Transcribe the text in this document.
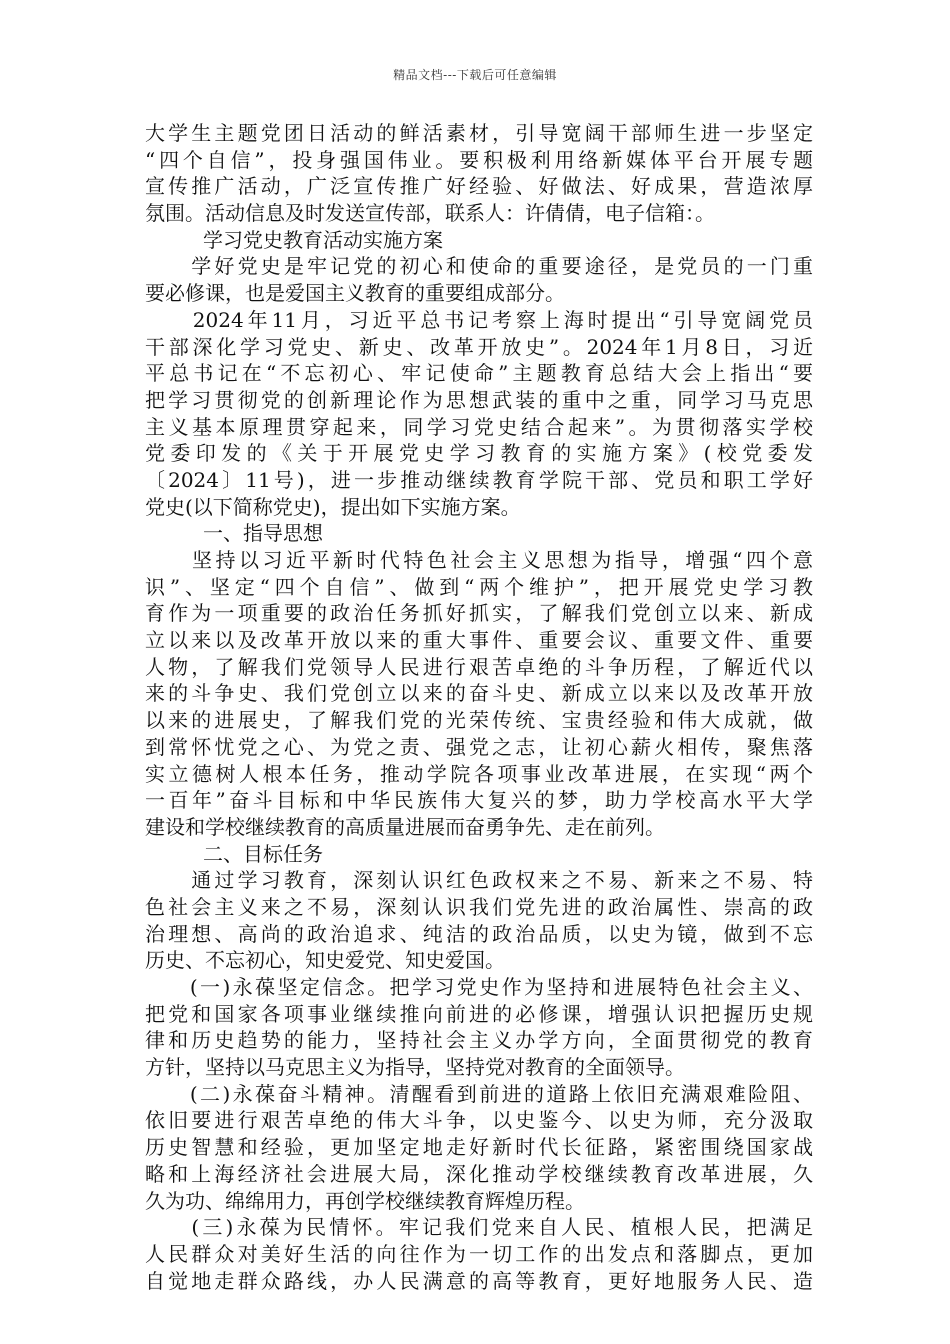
精品文档---下载后可任意编辑
大学生主题党团日活动的鲜活素材，引导宽阔干部师生进一步坚定
“四个自信”，投身强国伟业。要积极利用络新媒体平台开展专题
宣传推广活动，广泛宣传推广好经验、好做法、好成果，营造浓厚
氛围。活动信息及时发送宣传部，联系人：许倩倩，电子信箱：。
学习党史教育活动实施方案
　　学好党史是牢记党的初心和使命的重要途径，是党员的一门重
要必修课，也是爱国主义教育的重要组成部分。
　　2024年11月，习近平总书记考察上海时提出“引导宽阔党员
干部深化学习党史、新史、改革开放史”。2024年1月8日，习近
平总书记在“不忘初心、牢记使命”主题教育总结大会上指出“要
把学习贯彻党的创新理论作为思想武装的重中之重，同学习马克思
主义基本原理贯穿起来，同学习党史结合起来”。为贯彻落实学校
党委印发的《关于开展党史学习教育的实施方案》(校党委发
〔2024〕11号)，进一步推动继续教育学院干部、党员和职工学好
党史(以下简称党史)，提出如下实施方案。
一、指导思想
　　坚持以习近平新时代特色社会主义思想为指导，增强“四个意
识”、坚定“四个自信”、做到“两个维护”，把开展党史学习教
育作为一项重要的政治任务抓好抓实，了解我们党创立以来、新成
立以来以及改革开放以来的重大事件、重要会议、重要文件、重要
人物，了解我们党领导人民进行艰苦卓绝的斗争历程，了解近代以
来的斗争史、我们党创立以来的奋斗史、新成立以来以及改革开放
以来的进展史，了解我们党的光荣传统、宝贵经验和伟大成就，做
到常怀忧党之心、为党之责、强党之志，让初心薪火相传，聚焦落
实立德树人根本任务，推动学院各项事业改革进展，在实现“两个
一百年”奋斗目标和中华民族伟大复兴的梦，助力学校高水平大学
建设和学校继续教育的高质量进展而奋勇争先、走在前列。
二、目标任务
　　通过学习教育，深刻认识红色政权来之不易、新来之不易、特
色社会主义来之不易，深刻认识我们党先进的政治属性、崇高的政
治理想、高尚的政治追求、纯洁的政治品质，以史为镜，做到不忘
历史、不忘初心，知史爱党、知史爱国。
　　(一)永葆坚定信念。把学习党史作为坚持和进展特色社会主义、
把党和国家各项事业继续推向前进的必修课，增强认识把握历史规
律和历史趋势的能力，坚持社会主义办学方向，全面贯彻党的教育
方针，坚持以马克思主义为指导，坚持党对教育的全面领导。
　　(二)永葆奋斗精神。清醒看到前进的道路上依旧充满艰难险阻、
依旧要进行艰苦卓绝的伟大斗争，以史鉴今、以史为师，充分汲取
历史智慧和经验，更加坚定地走好新时代长征路，紧密围绕国家战
略和上海经济社会进展大局，深化推动学校继续教育改革进展，久
久为功、绵绵用力，再创学校继续教育辉煌历程。
　　(三)永葆为民情怀。牢记我们党来自人民、植根人民，把满足
人民群众对美好生活的向往作为一切工作的出发点和落脚点，更加
自觉地走群众路线，办人民满意的高等教育，更好地服务人民、造
